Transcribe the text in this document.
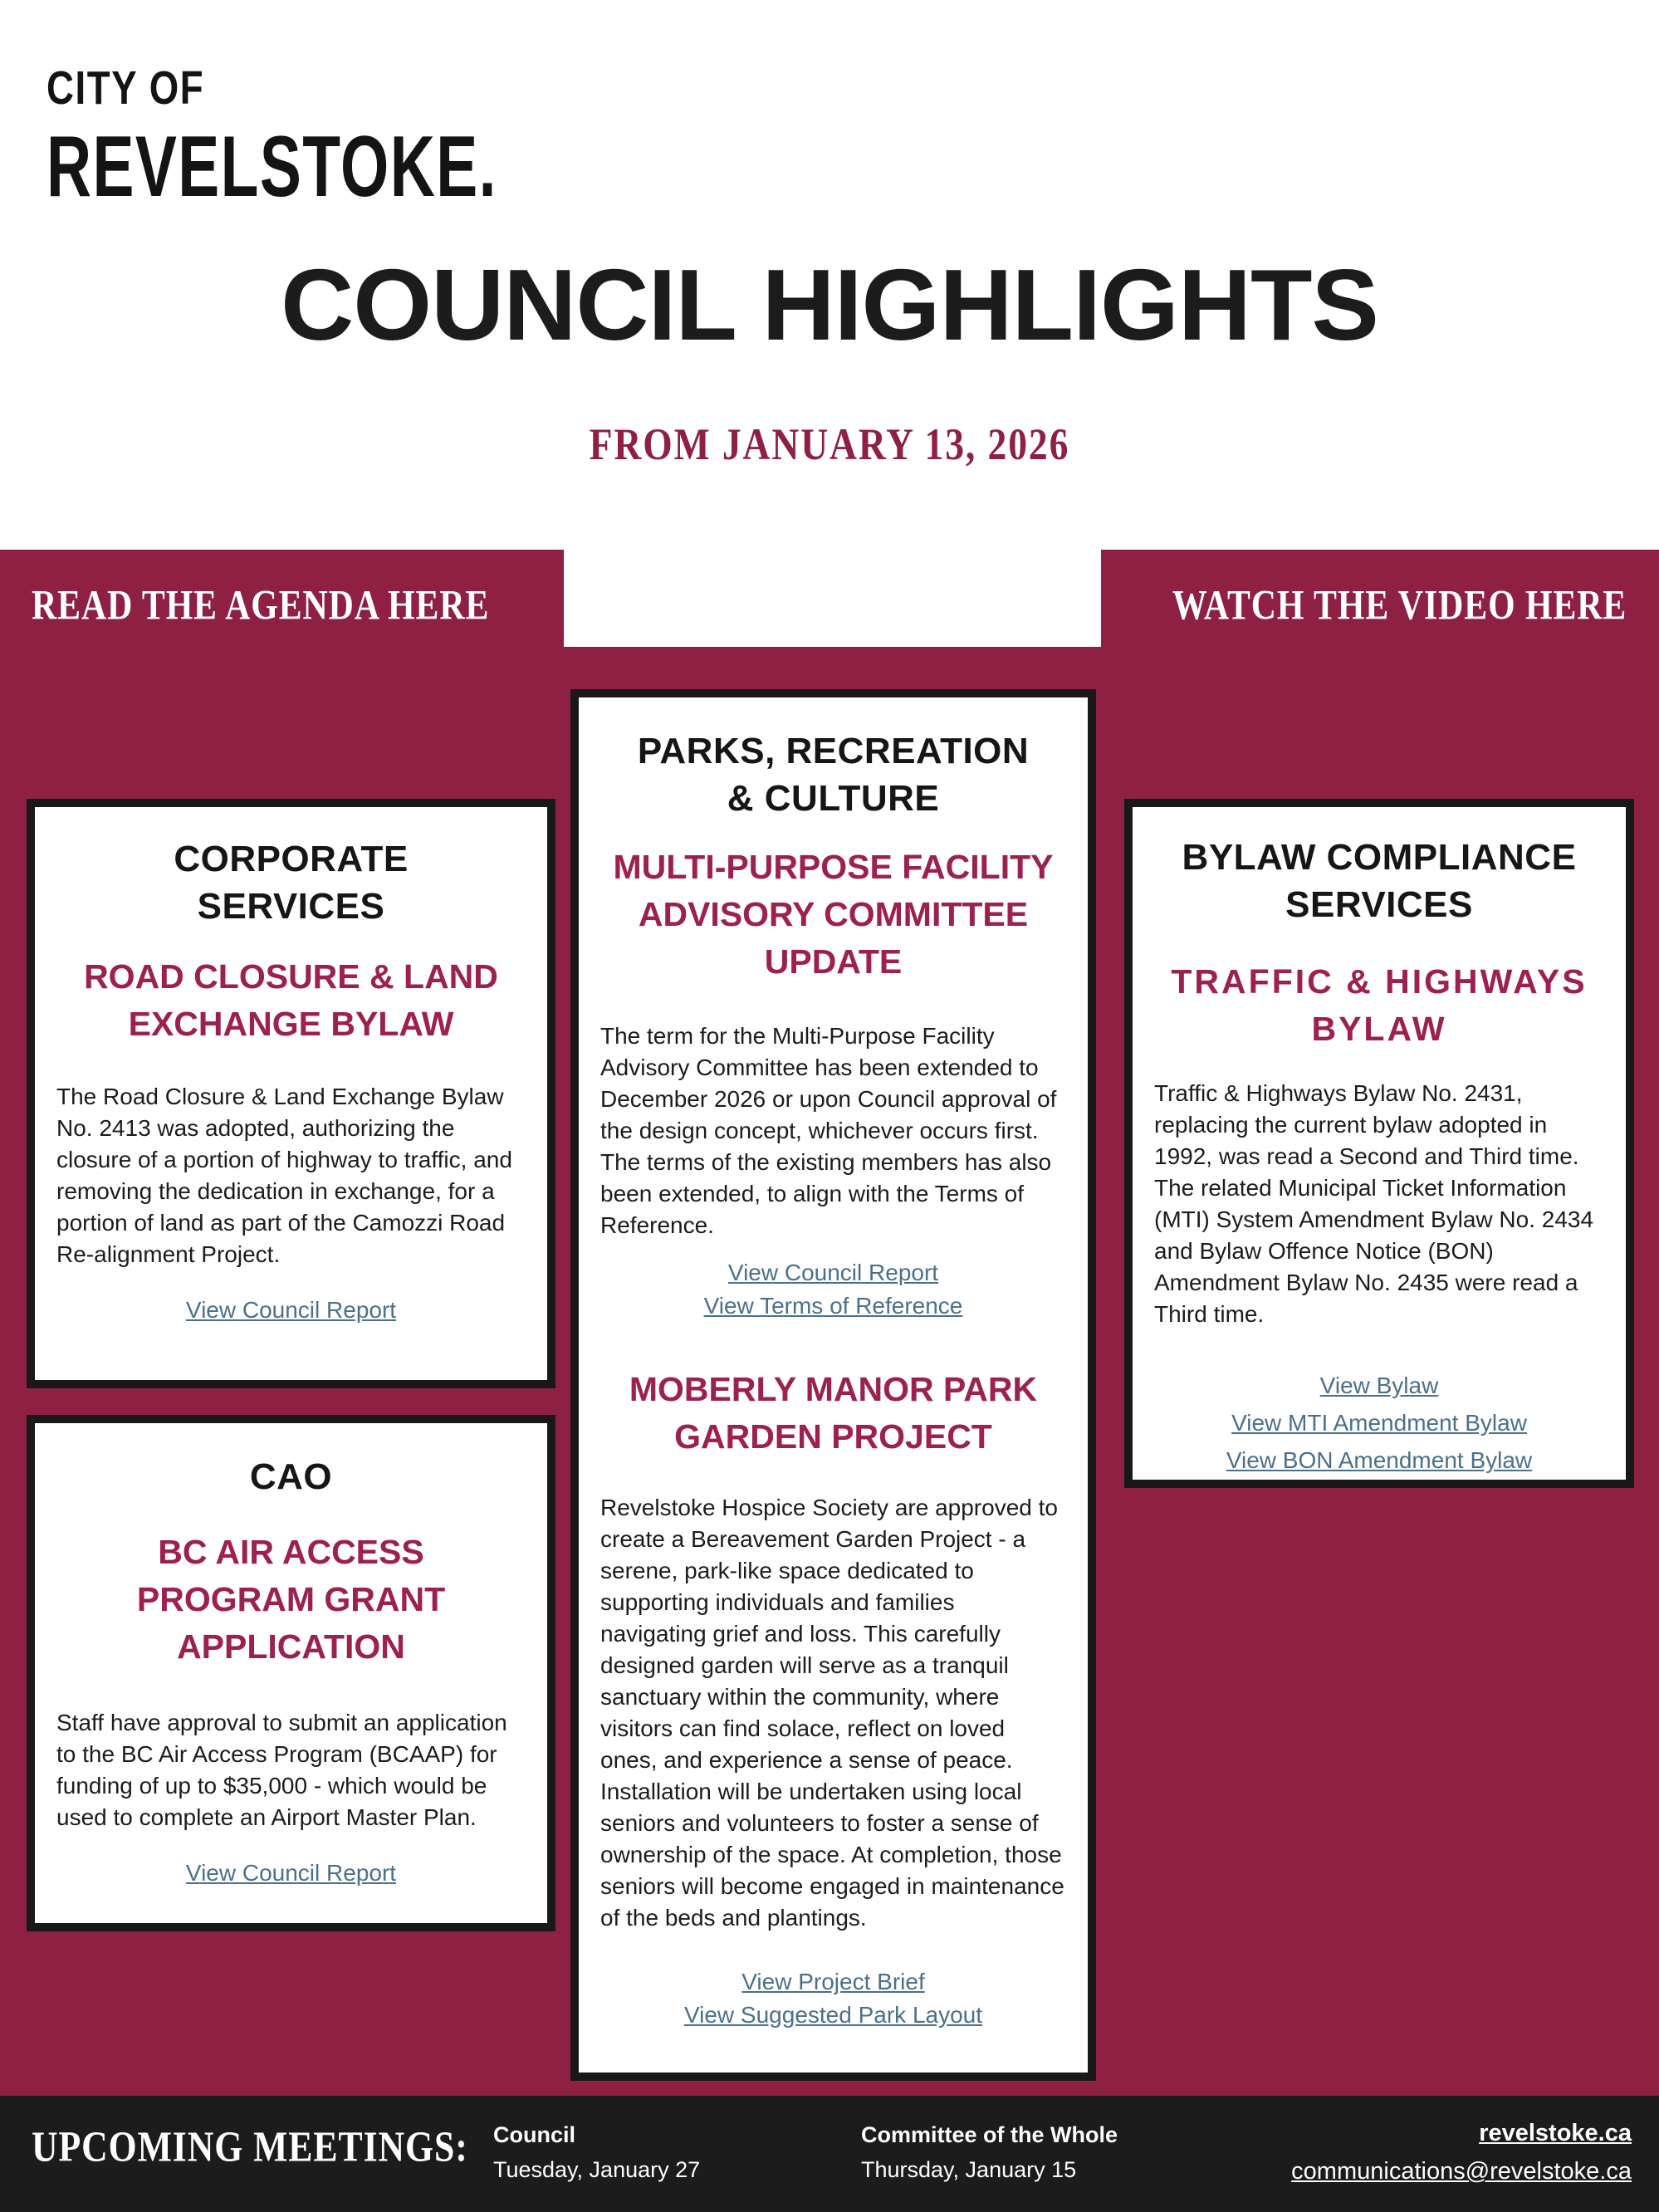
CITY OF
REVELSTOKE.
COUNCIL HIGHLIGHTS
FROM JANUARY 13, 2026
READ THE AGENDA HERE	WATCH THE VIDEO HERE
CORPORATE
SERVICES
ROAD CLOSURE & LAND
EXCHANGE BYLAW

The Road Closure & Land Exchange Bylaw No. 2413 was adopted, authorizing the closure of a portion of highway to traffic, and removing the dedication in exchange, for a portion of land as part of the Camozzi Road Re-alignment Project.

View Council Report
CAO
BC AIR ACCESS
PROGRAM GRANT
APPLICATION

Staff have approval to submit an application to the BC Air Access Program (BCAAP) for funding of up to $35,000 - which would be used to complete an Airport Master Plan.

View Council Report
PARKS, RECREATION
& CULTURE
MULTI-PURPOSE FACILITY
ADVISORY COMMITTEE
UPDATE

The term for the Multi-Purpose Facility Advisory Committee has been extended to December 2026 or upon Council approval of the design concept, whichever occurs first. The terms of the existing members has also been extended, to align with the Terms of Reference.

View Council Report
View Terms of Reference
MOBERLY MANOR PARK
GARDEN PROJECT

Revelstoke Hospice Society are approved to create a Bereavement Garden Project - a serene, park-like space dedicated to supporting individuals and families navigating grief and loss. This carefully designed garden will serve as a tranquil sanctuary within the community, where visitors can find solace, reflect on loved ones, and experience a sense of peace. Installation will be undertaken using local seniors and volunteers to foster a sense of ownership of the space. At completion, those seniors will become engaged in maintenance of the beds and plantings.

View Project Brief
View Suggested Park Layout
BYLAW COMPLIANCE
SERVICES
TRAFFIC & HIGHWAYS
BYLAW

Traffic & Highways Bylaw No. 2431, replacing the current bylaw adopted in 1992, was read a Second and Third time. The related Municipal Ticket Information (MTI) System Amendment Bylaw No. 2434 and Bylaw Offence Notice (BON) Amendment Bylaw No. 2435 were read a Third time.

View Bylaw
View MTI Amendment Bylaw
View BON Amendment Bylaw
UPCOMING MEETINGS: Council
Tuesday, January 27
Committee of the Whole
Thursday, January 15
revelstoke.ca
communications@revelstoke.ca
